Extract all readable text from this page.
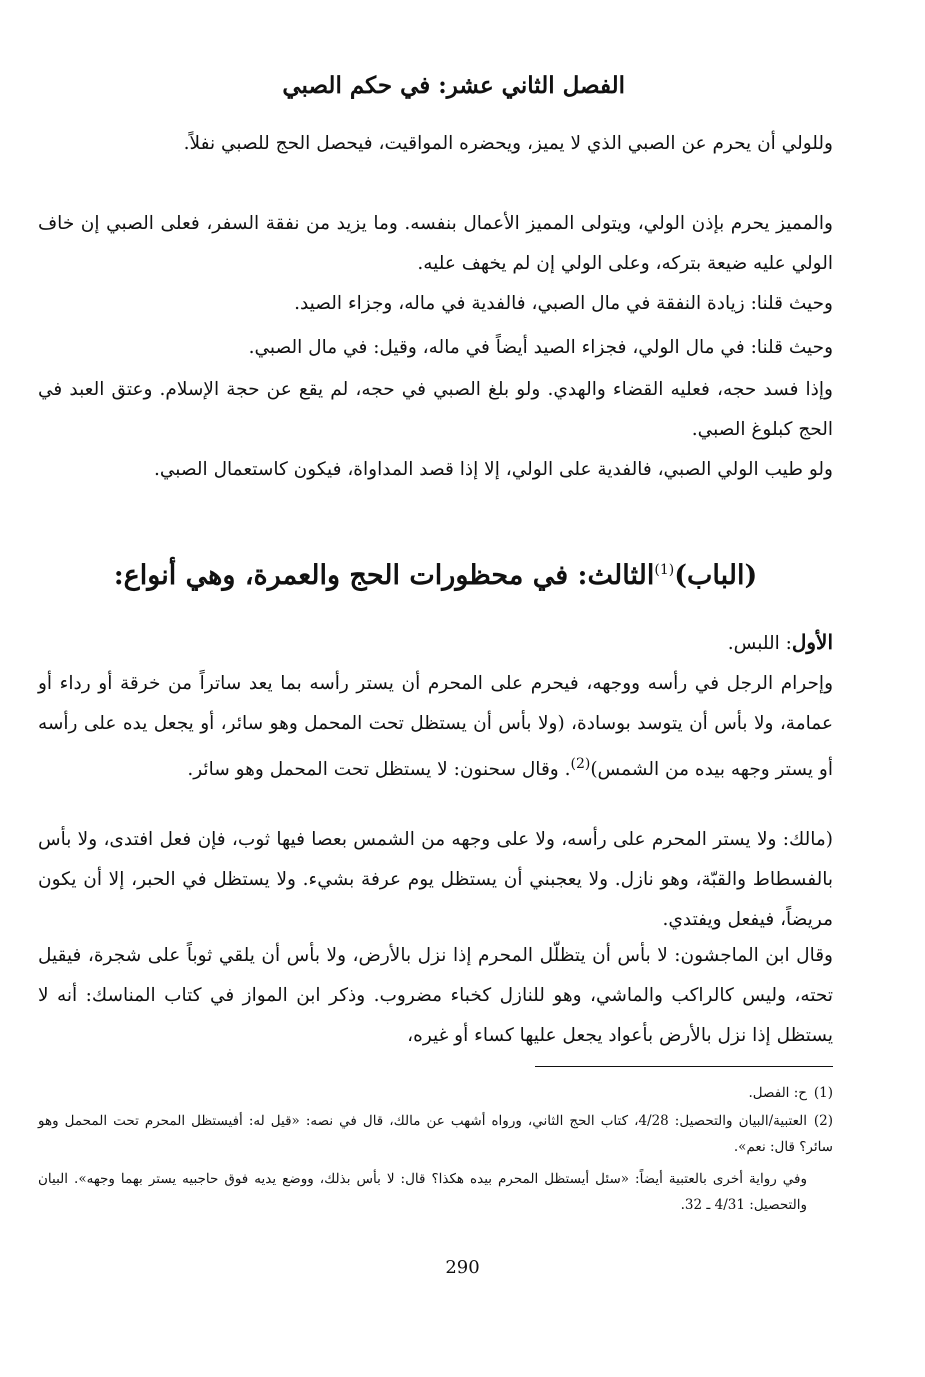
الفصل الثاني عشر: في حكم الصبي
وللولي أن يحرم عن الصبي الذي لا يميز، ويحضره المواقيت، فيحصل الحج للصبي نفلاً.
والمميز يحرم بإذن الولي، ويتولى المميز الأعمال بنفسه. وما يزيد من نفقة السفر، فعلى الصبي إن خاف الولي عليه ضيعة بتركه، وعلى الولي إن لم يخهف عليه.
وحيث قلنا: زيادة النفقة في مال الصبي، فالفدية في ماله، وجزاء الصيد.
وحيث قلنا: في مال الولي، فجزاء الصيد أيضاً في ماله، وقيل: في مال الصبي.
وإذا فسد حجه، فعليه القضاء والهدي. ولو بلغ الصبي في حجه، لم يقع عن حجة الإسلام. وعتق العبد في الحج كبلوغ الصبي.
ولو طيب الولي الصبي، فالفدية على الولي، إلا إذا قصد المداواة، فيكون كاستعمال الصبي.
(الباب)$^{(1)}$الثالث: في محظورات الحج والعمرة، وهي أنواع:
الأول: اللبس.
وإحرام الرجل في رأسه ووجهه، فيحرم على المحرم أن يستر رأسه بما يعد ساتراً من خرقة أو رداء أو عمامة، ولا بأس أن يتوسد بوسادة، (ولا بأس أن يستظل تحت المحمل وهو سائر، أو يجعل يده على رأسه أو يستر وجهه بيده من الشمس)$^{(2)}$. وقال سحنون: لا يستظل تحت المحمل وهو سائر.
(مالك: ولا يستر المحرم على رأسه، ولا على وجهه من الشمس بعصا فيها ثوب، فإن فعل افتدى، ولا بأس بالفسطاط والقبّة، وهو نازل. ولا يعجبني أن يستظل يوم عرفة بشيء. ولا يستظل في الحبر، إلا أن يكون مريضاً، فيفعل ويفتدي.
وقال ابن الماجشون: لا بأس أن يتظلّل المحرم إذا نزل بالأرض، ولا بأس أن يلقي ثوباً على شجرة، فيقيل تحته، وليس كالراكب والماشي، وهو للنازل كخباء مضروب. وذكر ابن المواز في كتاب المناسك: أنه لا يستظل إذا نزل بالأرض بأعواد يجعل عليها كساء أو غيره،
(1)ح: الفصل.
(2)العتبية/البيان والتحصيل: 4/28، كتاب الحج الثاني، ورواه أشهب عن مالك، قال في نصه: «قيل له: أفيستظل المحرم تحت المحمل وهو سائر؟ قال: نعم».
وفي رواية أخرى بالعتبية أيضاً: «سئل أيستظل المحرم بيده هكذا؟ قال: لا بأس بذلك، ووضع يديه فوق حاجبيه يستر بهما وجهه». البيان والتحصيل: 4/31 ـ 32.
290
